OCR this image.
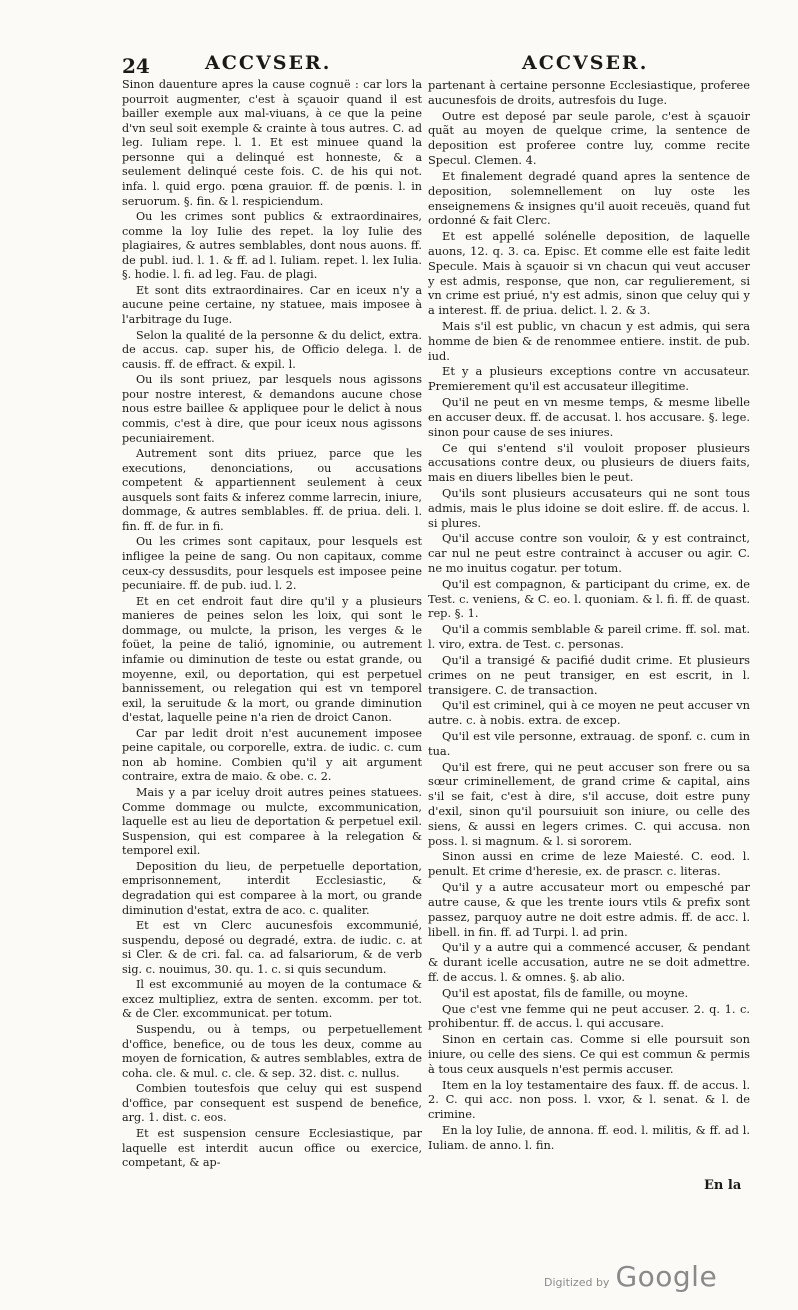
24	ACCVSER.	ACCVSER.

Sinon dauenture apres la cause cognuë : car lors la pourroit augmenter, c'est à sçauoir quand il est bailler exemple aux mal-viuans, à ce que la peine d'vn seul soit exemple & crainte à tous autres. C. ad leg. Iuliam repe. l. 1. Et est minuee quand la personne qui a delinqué est honneste, & a seulement delinqué ceste fois. C. de his qui not. infa. l. quid ergo. pœna grauior. ff. de pœnis. l. in seruorum. §. fin. & l. respiciendum.

Ou les crimes sont publics & extraordinaires, comme la loy Iulie des repet. la loy Iulie des plagiaires, & autres semblables, dont nous auons. ff. de publ. iud. l. 1. & ff. ad l. Iuliam. repet. l. lex Iulia. §. hodie. l. fi. ad leg. Fau. de plagi.

Et sont dits extraordinaires. Car en iceux n'y a aucune peine certaine, ny statuee, mais imposee à l'arbitrage du Iuge.

Selon la qualité de la personne & du delict, extra. de accus. cap. super his, de Officio delega. l. de causis. ff. de effract. & expil. l.

Ou ils sont priuez, par lesquels nous agissons pour nostre interest, & demandons aucune chose nous estre baillee & appliquee pour le delict à nous commis, c'est à dire, que pour iceux nous agissons pecuniairement.

Autrement sont dits priuez, parce que les executions, denonciations, ou accusations competent & appartiennent seulement à ceux ausquels sont faits & inferez comme larrecin, iniure, dommage, & autres semblables. ff. de priua. deli. l. fin. ff. de fur. in fi.

Ou les crimes sont capitaux, pour lesquels est infligee la peine de sang. Ou non capitaux, comme ceux-cy dessusdits, pour lesquels est imposee peine pecuniaire. ff. de pub. iud. l. 2.

Et en cet endroit faut dire qu'il y a plusieurs manieres de peines selon les loix, qui sont le dommage, ou mulcte, la prison, les verges & le foüet, la peine de talió, ignominie, ou autrement infamie ou diminution de teste ou estat grande, ou moyenne, exil, ou deportation, qui est perpetuel bannissement, ou relegation qui est vn temporel exil, la seruitude & la mort, ou grande diminution d'estat, laquelle peine n'a rien de droict Canon.

Car par ledit droit n'est aucunement imposee peine capitale, ou corporelle, extra. de iudic. c. cum non ab homine. Combien qu'il y ait argument contraire, extra de maio. & obe. c. 2.

Mais y a par iceluy droit autres peines statuees. Comme dommage ou mulcte, excommunication, laquelle est au lieu de deportation & perpetuel exil. Suspension, qui est comparee à la relegation & temporel exil.

Deposition du lieu, de perpetuelle deportation, emprisonnement, interdit Ecclesiastic, & degradation qui est comparee à la mort, ou grande diminution d'estat, extra de aco. c. qualiter.

Et est vn Clerc aucunesfois excommunié, suspendu, deposé ou degradé, extra. de iudic. c. at si Cler. & de cri. fal. ca. ad falsariorum, & de verb sig. c. nouimus, 30. qu. 1. c. si quis secundum.

Il est excommunié au moyen de la contumace & excez multipliez, extra de senten. excomm. per tot. & de Cler. excommunicat. per totum.

Suspendu, ou à temps, ou perpetuellement d'office, benefice, ou de tous les deux, comme au moyen de fornication, & autres semblables, extra de coha. cle. & mul. c. cle. & sep. 32. dist. c. nullus.

Combien toutesfois que celuy qui est suspend d'office, par consequent est suspend de benefice, arg. 1. dist. c. eos.

Et est suspension censure Ecclesiastique, par laquelle est interdit aucun office ou exercice, competant, & ap-

partenant à certaine personne Ecclesiastique, proferee aucunesfois de droits, autresfois du Iuge.

Outre est deposé par seule parole, c'est à sçauoir quãt au moyen de quelque crime, la sentence de deposition est proferee contre luy, comme recite Specul. Clemen. 4.

Et finalement degradé quand apres la sentence de deposition, solemnellement on luy oste les enseignemens & insignes qu'il auoit receuës, quand fut ordonné & fait Clerc.

Et est appellé solénelle deposition, de laquelle auons, 12. q. 3. ca. Episc. Et comme elle est faite ledit Specule. Mais à sçauoir si vn chacun qui veut accuser y est admis, response, que non, car regulierement, si vn crime est priué, n'y est admis, sinon que celuy qui y a interest. ff. de priua. delict. l. 2. & 3.

Mais s'il est public, vn chacun y est admis, qui sera homme de bien & de renommee entiere. instit. de pub. iud.

Et y a plusieurs exceptions contre vn accusateur. Premierement qu'il est accusateur illegitime.

Qu'il ne peut en vn mesme temps, & mesme libelle en accuser deux. ff. de accusat. l. hos accusare. §. lege. sinon pour cause de ses iniures.

Ce qui s'entend s'il vouloit proposer plusieurs accusations contre deux, ou plusieurs de diuers faits, mais en diuers libelles bien le peut.

Qu'ils sont plusieurs accusateurs qui ne sont tous admis, mais le plus idoine se doit eslire. ff. de accus. l. si plures.

Qu'il accuse contre son vouloir, & y est contrainct, car nul ne peut estre contrainct à accuser ou agir. C. ne mo inuitus cogatur. per totum.

Qu'il est compagnon, & participant du crime, ex. de Test. c. veniens, & C. eo. l. quoniam. & l. fi. ff. de quast. rep. §. 1.

Qu'il a commis semblable & pareil crime. ff. sol. mat. l. viro, extra. de Test. c. personas.

Qu'il a transigé & pacifié dudit crime. Et plusieurs crimes on ne peut transiger, en est escrit, in l. transigere. C. de transaction.

Qu'il est criminel, qui à ce moyen ne peut accuser vn autre. c. à nobis. extra. de excep.

Qu'il est vile personne, extrauag. de sponf. c. cum in tua.

Qu'il est frere, qui ne peut accuser son frere ou sa sœur criminellement, de grand crime & capital, ains s'il se fait, c'est à dire, s'il accuse, doit estre puny d'exil, sinon qu'il poursuiuit son iniure, ou celle des siens, & aussi en legers crimes. C. qui accusa. non poss. l. si magnum. & l. si sororem.

Sinon aussi en crime de leze Maiesté. C. eod. l. penult. Et crime d'heresie, ex. de prascr. c. literas.

Qu'il y a autre accusateur mort ou empesché par autre cause, & que les trente iours vtils & prefix sont passez, parquoy autre ne doit estre admis. ff. de acc. l. libell. in fin. ff. ad Turpi. l. ad prin.

Qu'il y a autre qui a commencé accuser, & pendant & durant icelle accusation, autre ne se doit admettre. ff. de accus. l. & omnes. §. ab alio.

Qu'il est apostat, fils de famille, ou moyne.

Que c'est vne femme qui ne peut accuser. 2. q. 1. c. prohibentur. ff. de accus. l. qui accusare.

Sinon en certain cas. Comme si elle poursuit son iniure, ou celle des siens. Ce qui est commun & permis à tous ceux ausquels n'est permis accuser.

Item en la loy testamentaire des faux. ff. de accus. l. 2. C. qui acc. non poss. l. vxor, & l. senat. & l. de crimine.

En la loy Iulie, de annona. ff. eod. l. militis, & ff. ad l. Iuliam. de anno. l. fin.

En la
Digitized by Google
